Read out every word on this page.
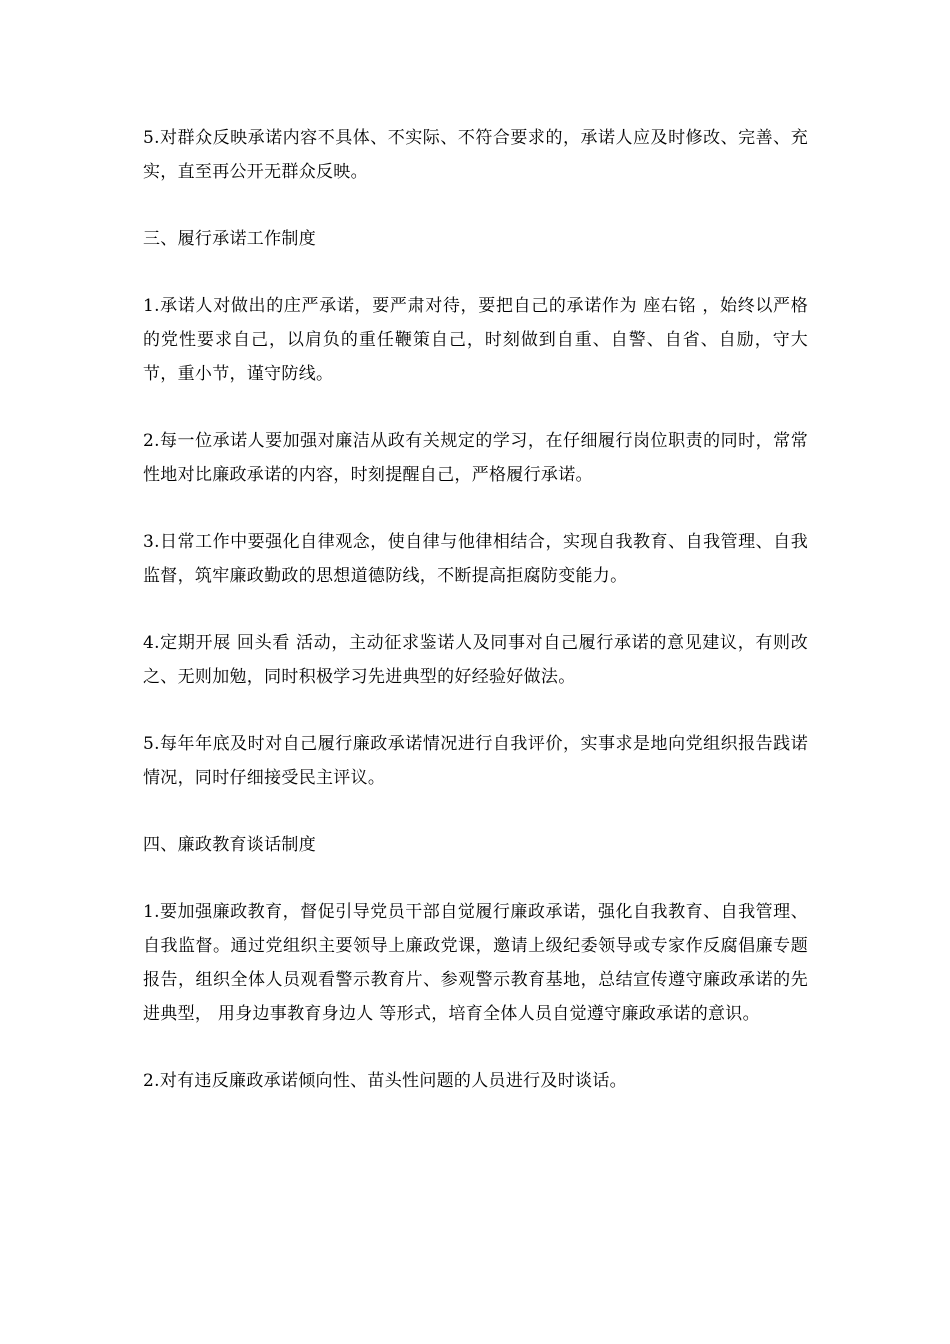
5.对群众反映承诺内容不具体、不实际、不符合要求的，承诺人应及时修改、完善、充实，直至再公开无群众反映。

三、履行承诺工作制度

1.承诺人对做出的庄严承诺，要严肃对待，要把自己的承诺作为 座右铭 ，始终以严格的党性要求自己，以肩负的重任鞭策自己，时刻做到自重、自警、自省、自励，守大节，重小节，谨守防线。

2.每一位承诺人要加强对廉洁从政有关规定的学习，在仔细履行岗位职责的同时，常常性地对比廉政承诺的内容，时刻提醒自己，严格履行承诺。

3.日常工作中要强化自律观念，使自律与他律相结合，实现自我教育、自我管理、自我监督，筑牢廉政勤政的思想道德防线，不断提高拒腐防变能力。

4.定期开展 回头看 活动，主动征求鉴诺人及同事对自己履行承诺的意见建议，有则改之、无则加勉，同时积极学习先进典型的好经验好做法。

5.每年年底及时对自己履行廉政承诺情况进行自我评价，实事求是地向党组织报告践诺情况，同时仔细接受民主评议。

四、廉政教育谈话制度

1.要加强廉政教育，督促引导党员干部自觉履行廉政承诺，强化自我教育、自我管理、自我监督。通过党组织主要领导上廉政党课，邀请上级纪委领导或专家作反腐倡廉专题报告，组织全体人员观看警示教育片、参观警示教育基地，总结宣传遵守廉政承诺的先进典型， 用身边事教育身边人 等形式，培育全体人员自觉遵守廉政承诺的意识。

2.对有违反廉政承诺倾向性、苗头性问题的人员进行及时谈话。
